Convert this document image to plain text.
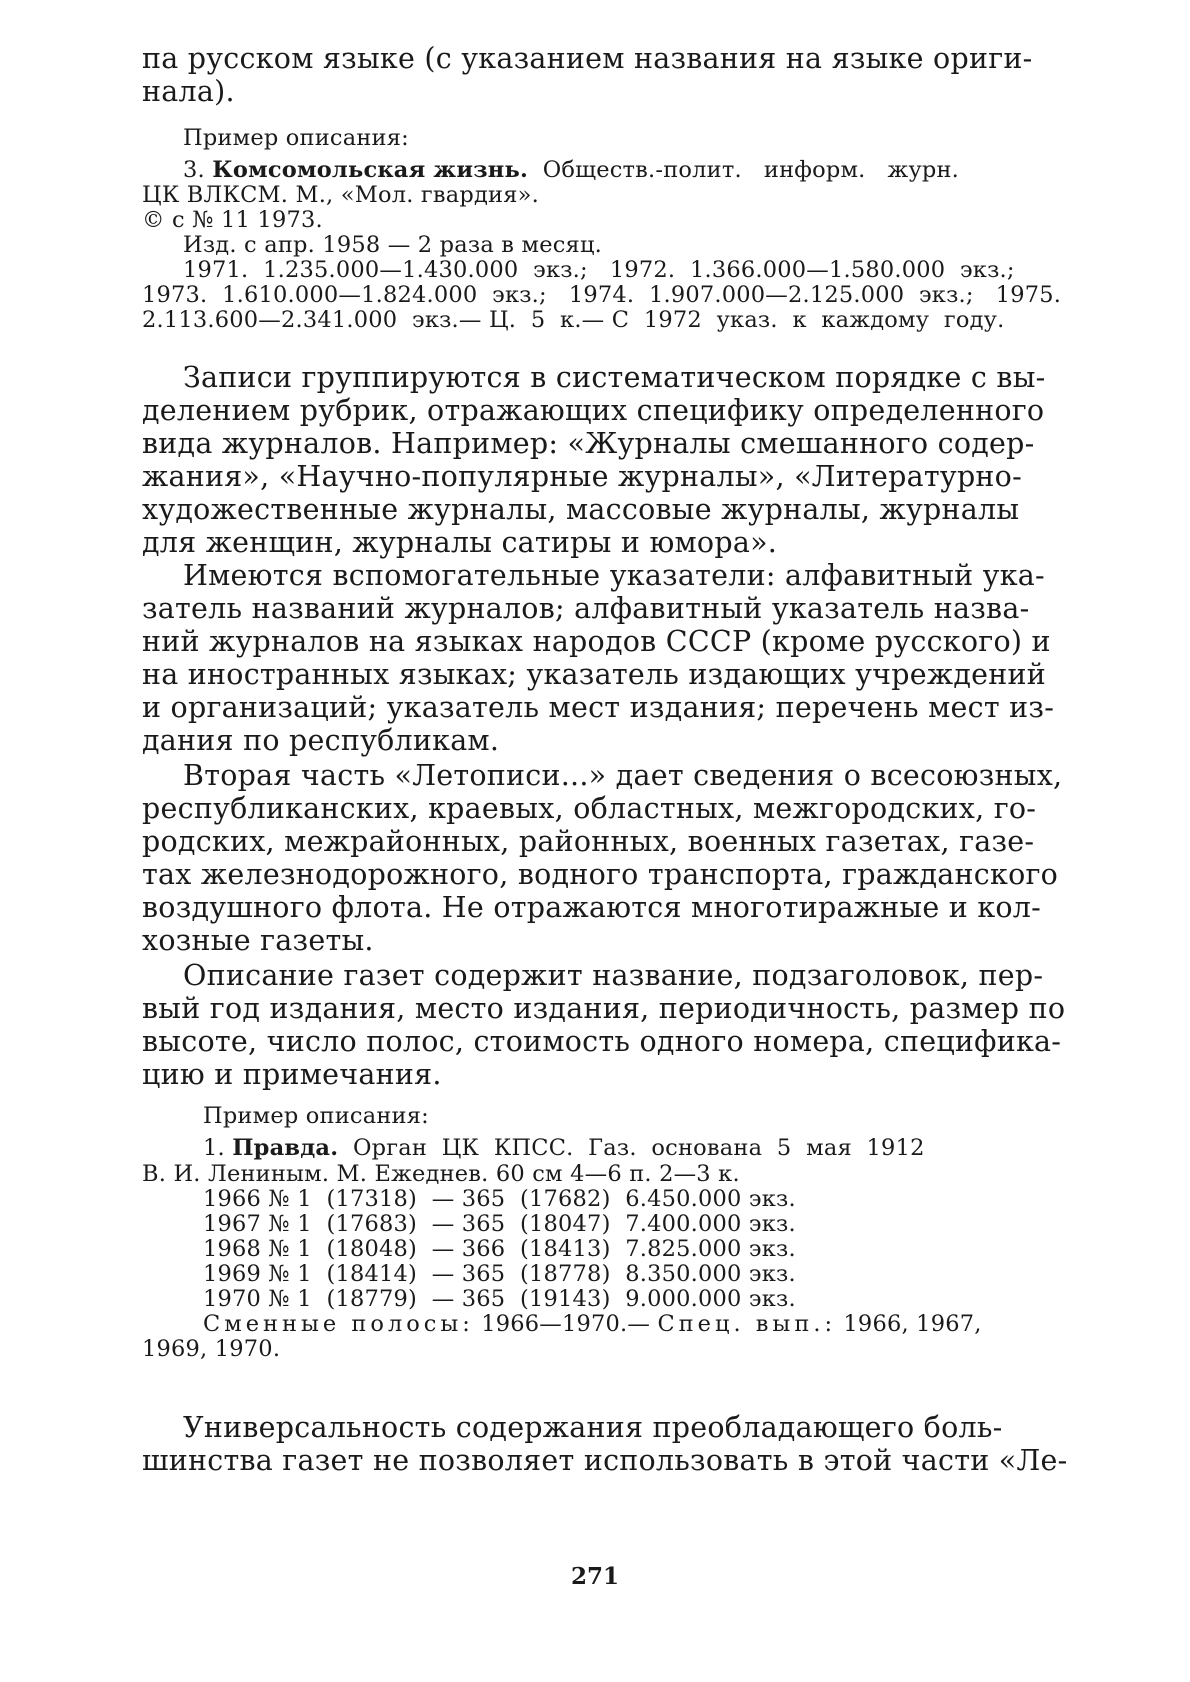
па русском языке (с указанием названия на языке ориги-
нала).
Пример описания:
3. Комсомольская жизнь. Обществ.-полит.   информ.   журн.
ЦК ВЛКСМ. М., «Мол. гвардия».
© с № 11 1973.
Изд. с апр. 1958 — 2 раза в месяц.
1971.  1.235.000—1.430.000  экз.;   1972.  1.366.000—1.580.000  экз.;
1973.  1.610.000—1.824.000  экз.;   1974.  1.907.000—2.125.000  экз.;   1975.
2.113.600—2.341.000  экз.— Ц.  5  к.— С  1972  указ.  к  каждому  году.
Записи группируются в систематическом порядке с вы-
делением рубрик, отражающих специфику определенного
вида журналов. Например: «Журналы смешанного содер-
жания», «Научно-популярные журналы», «Литературно-
художественные журналы, массовые журналы, журналы
для женщин, журналы сатиры и юмора».
Имеются вспомогательные указатели: алфавитный ука-
затель названий журналов; алфавитный указатель назва-
ний журналов на языках народов СССР (кроме русского) и
на иностранных языках; указатель издающих учреждений
и организаций; указатель мест издания; перечень мест из-
дания по республикам.
Вторая часть «Летописи...» дает сведения о всесоюзных,
республиканских, краевых, областных, межгородских, го-
родских, межрайонных, районных, военных газетах, газе-
тах железнодорожного, водного транспорта, гражданского
воздушного флота. Не отражаются многотиражные и кол-
хозные газеты.
Описание газет содержит название, подзаголовок, пер-
вый год издания, место издания, периодичность, размер по
высоте, число полос, стоимость одного номера, специфика-
цию и примечания.
Пример описания:
1. Правда. Орган  ЦК  КПСС.  Газ.  основана  5  мая  1912
В. И. Лениным. М. Ежеднев. 60 см 4—6 п. 2—3 к.
1966 № 1  (17318)  — 365  (17682)  6.450.000 экз.
1967 № 1  (17683)  — 365  (18047)  7.400.000 экз.
1968 № 1  (18048)  — 366  (18413)  7.825.000 экз.
1969 № 1  (18414)  — 365  (18778)  8.350.000 экз.
1970 № 1  (18779)  — 365  (19143)  9.000.000 экз.
Сменные полосы: 1966—1970.— Спец. вып.: 1966, 1967,
1969, 1970.
Универсальность содержания преобладающего боль-
шинства газет не позволяет использовать в этой части «Ле-
271
